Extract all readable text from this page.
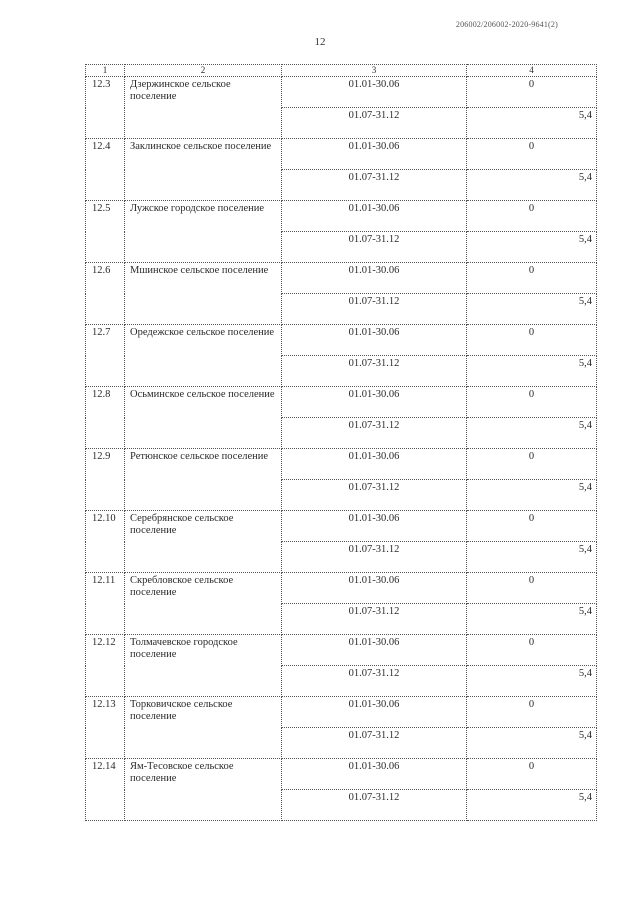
206002/206002-2020-9641(2)
12
1	2	3	4
12.3	Дзержинское сельское поселение	01.01-30.06	0
		01.07-31.12	5,4
12.4	Заклинское сельское поселение	01.01-30.06	0
		01.07-31.12	5,4
12.5	Лужское городское поселение	01.01-30.06	0
		01.07-31.12	5,4
12.6	Мшинское сельское поселение	01.01-30.06	0
		01.07-31.12	5,4
12.7	Оредежское сельское поселение	01.01-30.06	0
		01.07-31.12	5,4
12.8	Осьминское сельское поселение	01.01-30.06	0
		01.07-31.12	5,4
12.9	Ретюнское сельское поселение	01.01-30.06	0
		01.07-31.12	5,4
12.10	Серебрянское сельское поселение	01.01-30.06	0
		01.07-31.12	5,4
12.11	Скребловское сельское поселение	01.01-30.06	0
		01.07-31.12	5,4
12.12	Толмачевское городское поселение	01.01-30.06	0
		01.07-31.12	5,4
12.13	Торковичское сельское поселение	01.01-30.06	0
		01.07-31.12	5,4
12.14	Ям-Тесовское сельское поселение	01.01-30.06	0
		01.07-31.12	5,4
